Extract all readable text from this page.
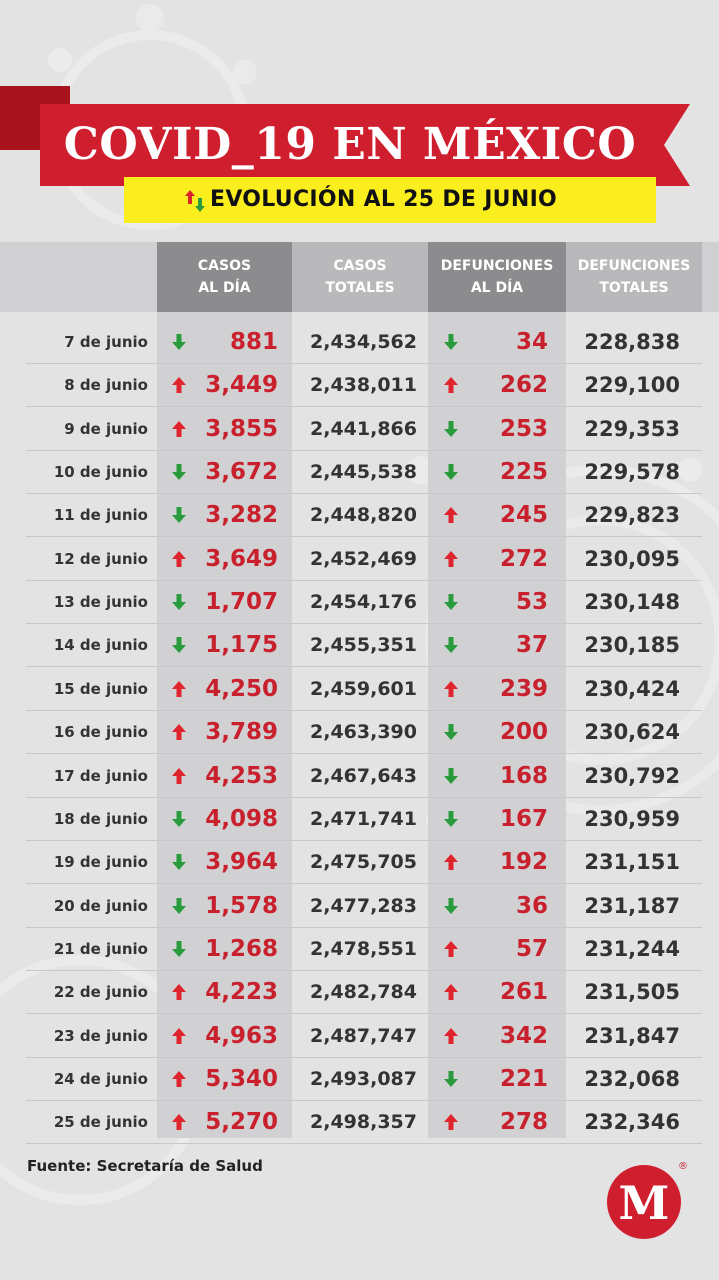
COVID_19 EN MÉXICO
EVOLUCIÓN AL 25 DE JUNIO
CASOS
AL DÍA
CASOS
TOTALES
DEFUNCIONES
AL DÍA
DEFUNCIONES
TOTALES
7 de junio	881	2,434,562	34	228,838
8 de junio	3,449	2,438,011	262	229,100
9 de junio	3,855	2,441,866	253	229,353
10 de junio	3,672	2,445,538	225	229,578
11 de junio	3,282	2,448,820	245	229,823
12 de junio	3,649	2,452,469	272	230,095
13 de junio	1,707	2,454,176	53	230,148
14 de junio	1,175	2,455,351	37	230,185
15 de junio	4,250	2,459,601	239	230,424
16 de junio	3,789	2,463,390	200	230,624
17 de junio	4,253	2,467,643	168	230,792
18 de junio	4,098	2,471,741	167	230,959
19 de junio	3,964	2,475,705	192	231,151
20 de junio	1,578	2,477,283	36	231,187
21 de junio	1,268	2,478,551	57	231,244
22 de junio	4,223	2,482,784	261	231,505
23 de junio	4,963	2,487,747	342	231,847
24 de junio	5,340	2,493,087	221	232,068
25 de junio	5,270	2,498,357	278	232,346
Fuente: Secretaría de Salud
M
®
